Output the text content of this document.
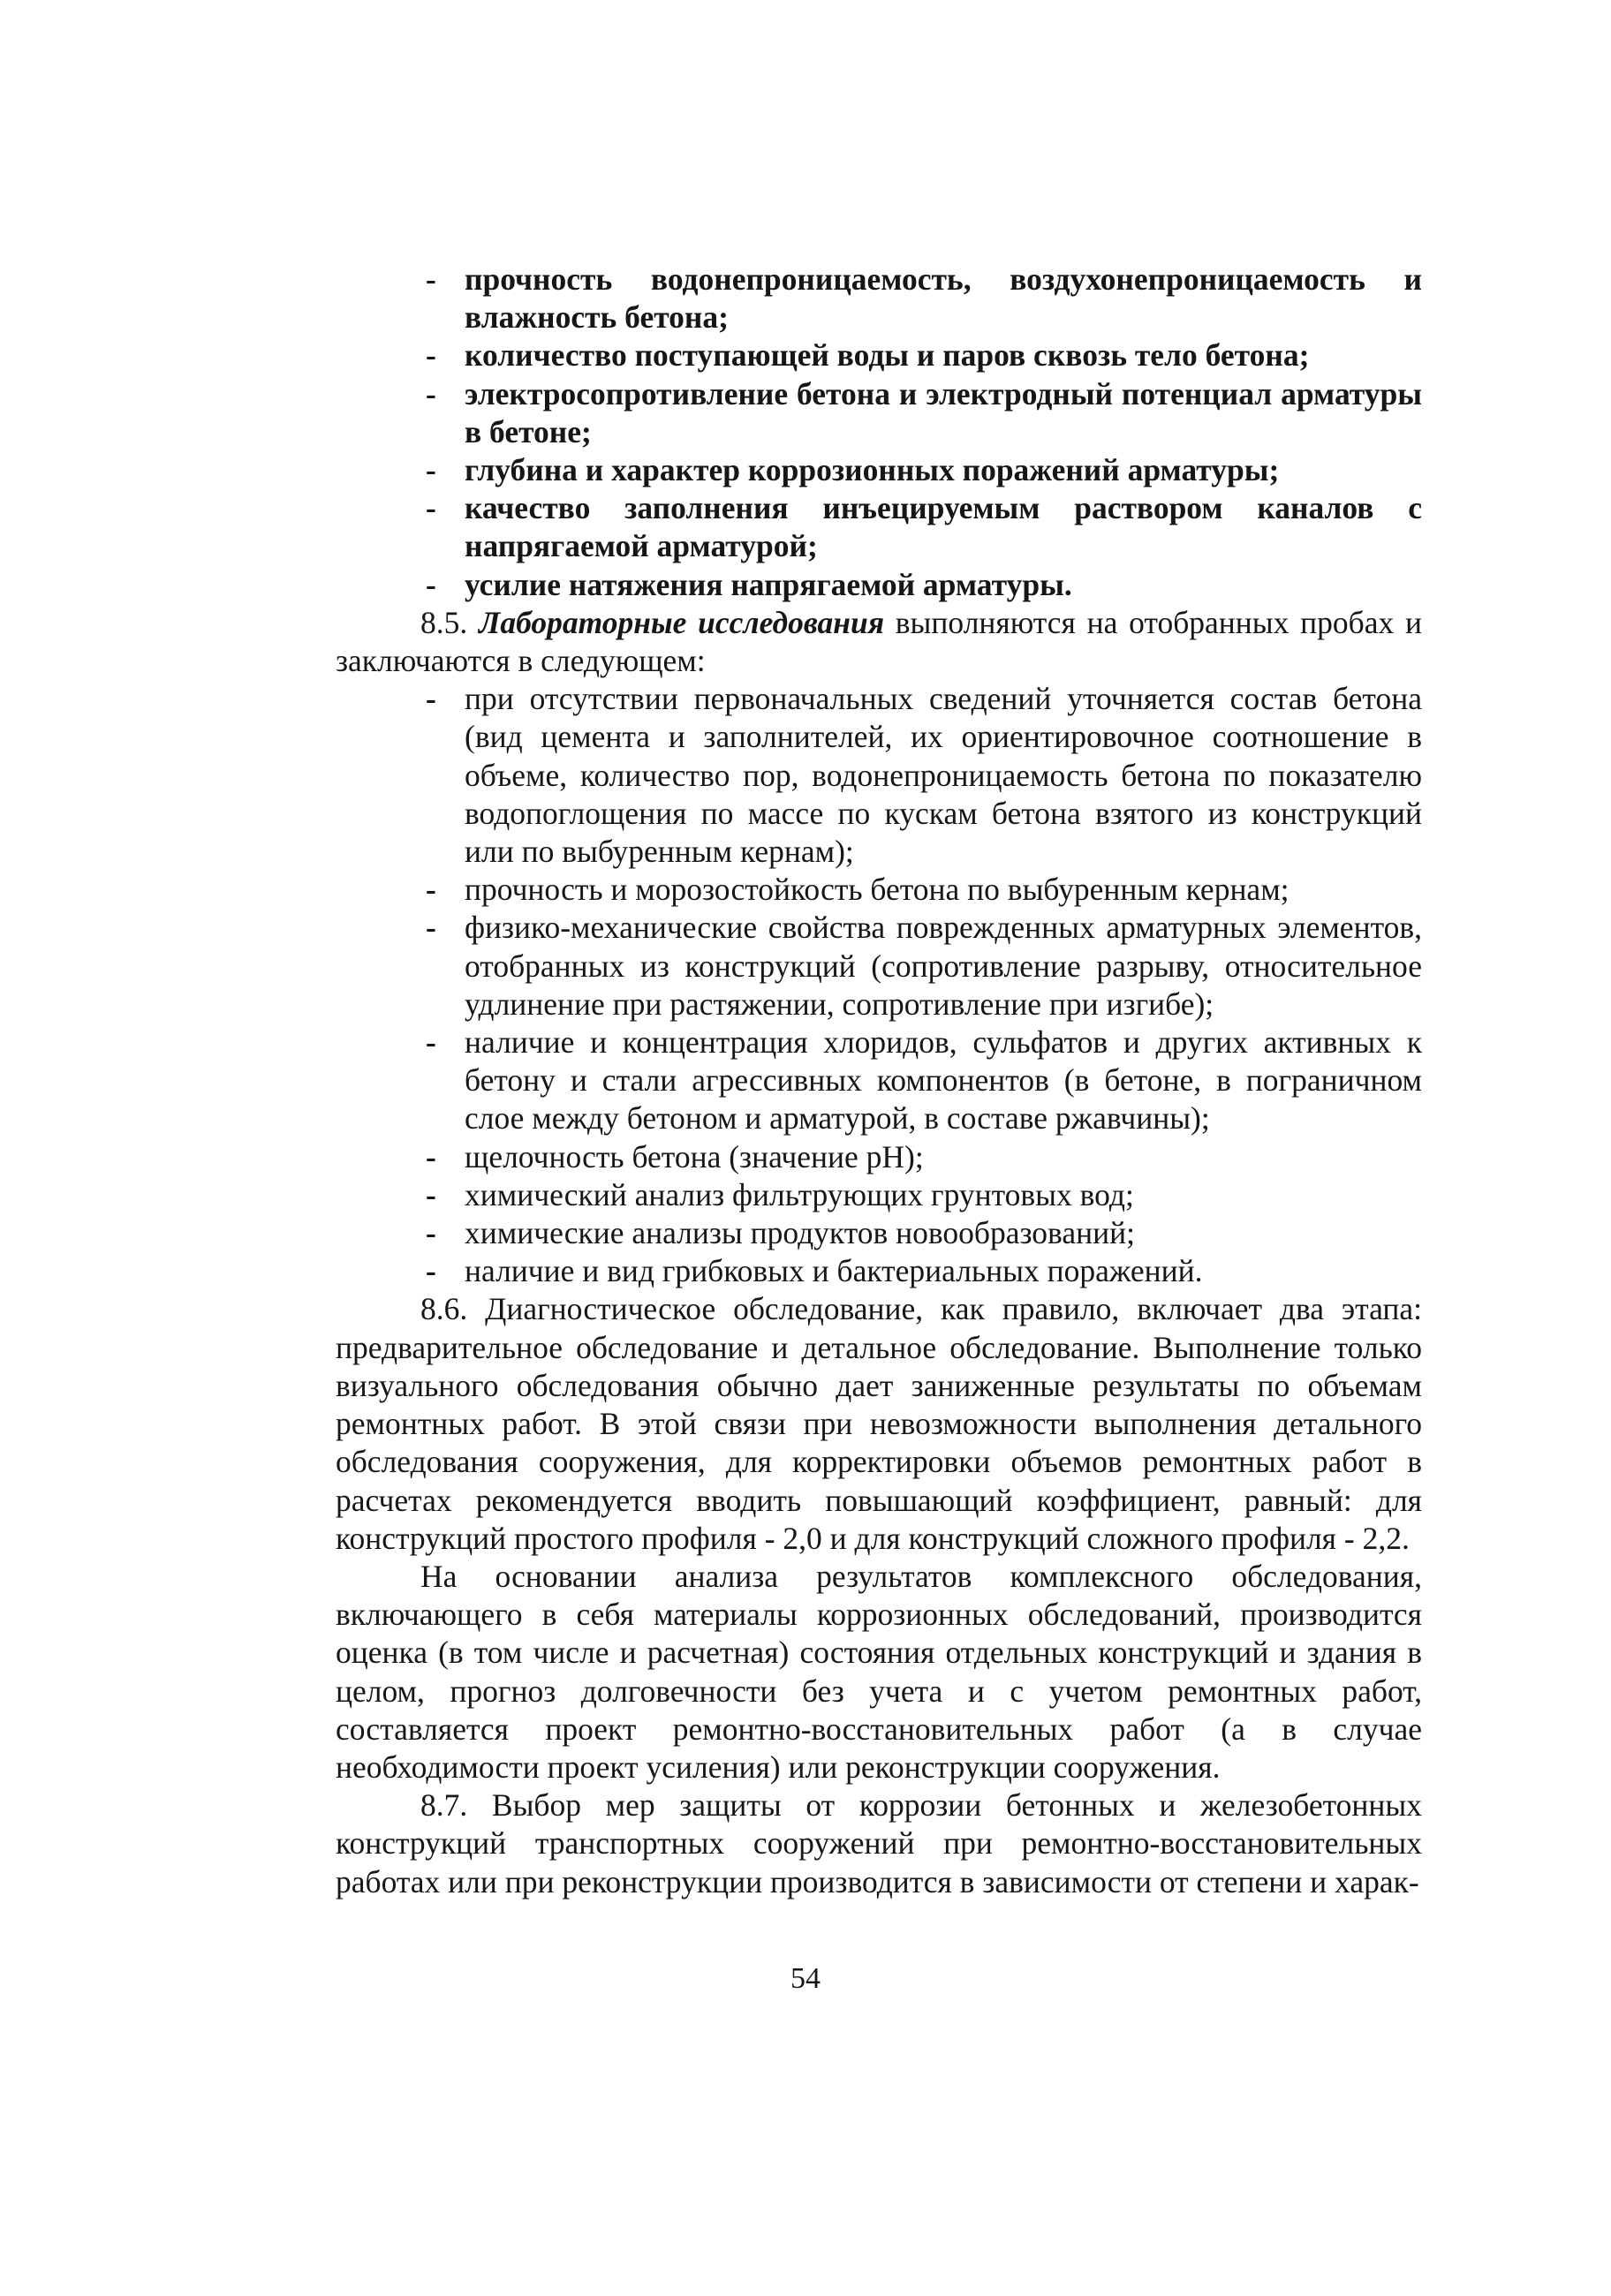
- прочность водонепроницаемость, воздухонепроницаемость и влажность бетона;
- количество поступающей воды и паров сквозь тело бетона;
- электросопротивление бетона и электродный потенциал арматуры в бетоне;
- глубина и характер коррозионных поражений арматуры;
- качество заполнения инъецируемым раствором каналов с напрягаемой арматурой;
- усилие натяжения напрягаемой арматуры.

8.5. Лабораторные исследования выполняются на отобранных пробах и заключаются в следующем:

- при отсутствии первоначальных сведений уточняется состав бетона (вид цемента и заполнителей, их ориентировочное соотношение в объеме, количество пор, водонепроницаемость бетона по показателю водопоглощения по массе по кускам бетона взятого из конструкций или по выбуренным кернам);
- прочность и морозостойкость бетона по выбуренным кернам;
- физико-механические свойства поврежденных арматурных элементов, отобранных из конструкций (сопротивление разрыву, относительное удлинение при растяжении, сопротивление при изгибе);
- наличие и концентрация хлоридов, сульфатов и других активных к бетону и стали агрессивных компонентов (в бетоне, в пограничном слое между бетоном и арматурой, в составе ржавчины);
- щелочность бетона (значение pH);
- химический анализ фильтрующих грунтовых вод;
- химические анализы продуктов новообразований;
- наличие и вид грибковых и бактериальных поражений.

8.6. Диагностическое обследование, как правило, включает два этапа: предварительное обследование и детальное обследование. Выполнение только визуального обследования обычно дает заниженные результаты по объемам ремонтных работ. В этой связи при невозможности выполнения детального обследования сооружения, для корректировки объемов ремонтных работ в расчетах рекомендуется вводить повышающий коэффициент, равный: для конструкций простого профиля - 2,0 и для конструкций сложного профиля - 2,2.

На основании анализа результатов комплексного обследования, включающего в себя материалы коррозионных обследований, производится оценка (в том числе и расчетная) состояния отдельных конструкций и здания в целом, прогноз долговечности без учета и с учетом ремонтных работ, составляется проект ремонтно-восстановительных работ (а в случае необходимости проект усиления) или реконструкции сооружения.

8.7. Выбор мер защиты от коррозии бетонных и железобетонных конструкций транспортных сооружений при ремонтно-восстановительных работах или при реконструкции производится в зависимости от степени и харак-

54
